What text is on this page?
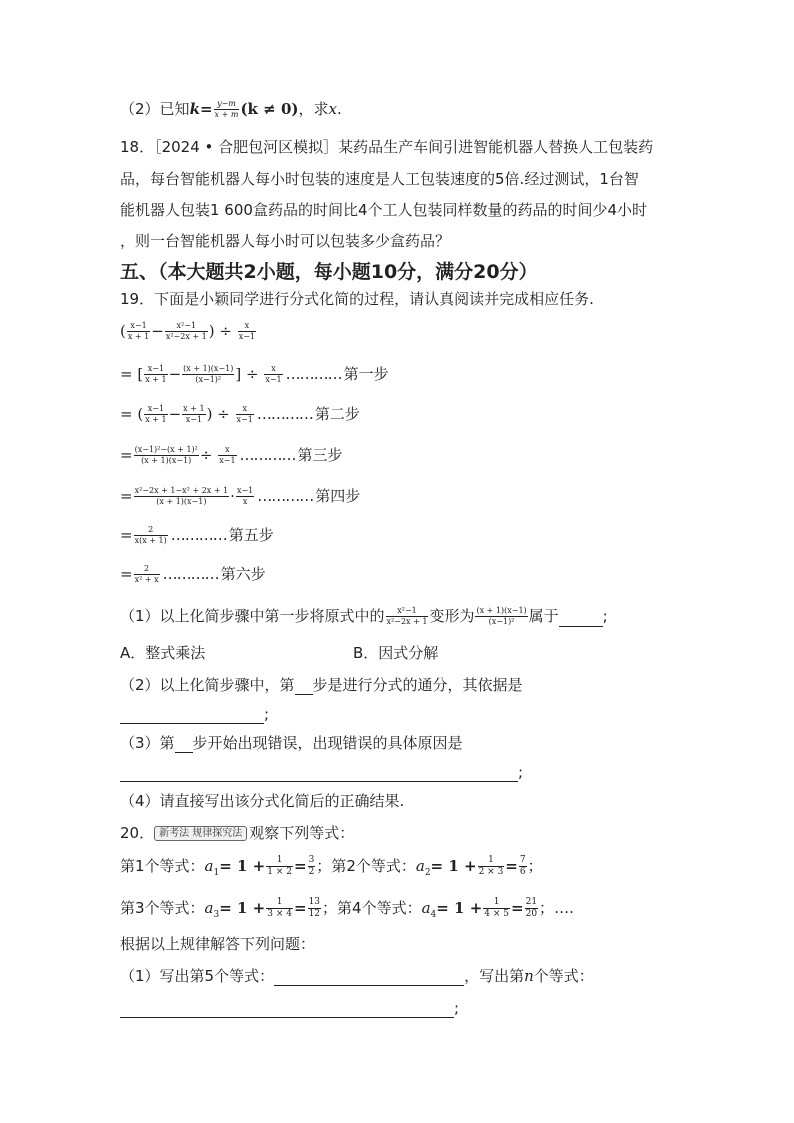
（2）已知$k= \frac{y-m}{x + m} (k \ne 0)$，求x.
18．［2024 • 合肥包河区模拟］某药品生产车间引进智能机器人替换人工包装药
品，每台智能机器人每小时包装的速度是人工包装速度的5倍.经过测试，1台智
能机器人包装1 600盒药品的时间比4个工人包装同样数量的药品的时间少4小时
，则一台智能机器人每小时可以包装多少盒药品？
五、（本大题共2小题，每小题10分，满分20分）
19．下面是小颖同学进行分式化简的过程，请认真阅读并完成相应任务.
( $\frac{x-1}{x + 1} - \frac{\text{x²−1}}{\text{x²−2x + 1}}$ ) ÷ $\frac{x}{x-1}$
= [ $\frac{x-1}{x + 1} - \frac{(x + 1)(x-1)}{\text{(x−1)²}}$ ] ÷ $\frac{x}{x-1}$ ………… 第一步
= ( $\frac{x-1}{x + 1} - \frac{x + 1}{x-1}$ ) ÷ $\frac{x}{x-1}$ ………… 第二步
= $\frac{\text{(x−1)²−(x + 1)²}}{(x + 1)(x-1)} \div \frac{x}{x-1}$ ………… 第三步
= $\frac{\text{x²−2x + 1−x² + 2x + 1}}{(x + 1)(x-1)} \cdot \frac{x-1}{x}$ ………… 第四步
= $\frac{2}{x(x + 1)}$ ………… 第五步
= $\frac{2}{\text{x² + x}}$ ………… 第六步
（1）以上化简步骤中第一步将原式中的 $\frac{\text{x²−1}}{\text{x²−2x + 1}}$ 变形为 $\frac{(x + 1)(x-1)}{\text{(x−1)²}}$ 属于	;
A．整式乘法	B．因式分解
（2）以上化简步骤中，第 步是进行分式的通分，其依据是
;
（3）第 步开始出现错误，出现错误的具体原因是
;
（4）请直接写出该分式化简后的正确结果.
20． 新考法 规律探究法 观察下列等式：
第1个等式：$a_1= 1 + \frac{1}{1 \times 2} = \frac{3}{2}$ ；第2个等式：$a_2= 1 + \frac{1}{2 \times 3} = \frac{7}{6}$ ；
第3个等式：$a_3= 1 + \frac{1}{3 \times 4} = \frac{13}{12}$ ；第4个等式：$a_4= 1 + \frac{1}{4 \times 5} = \frac{21}{20}$ ；….
根据以上规律解答下列问题：
（1）写出第5个等式：	，写出第n个等式：
;
